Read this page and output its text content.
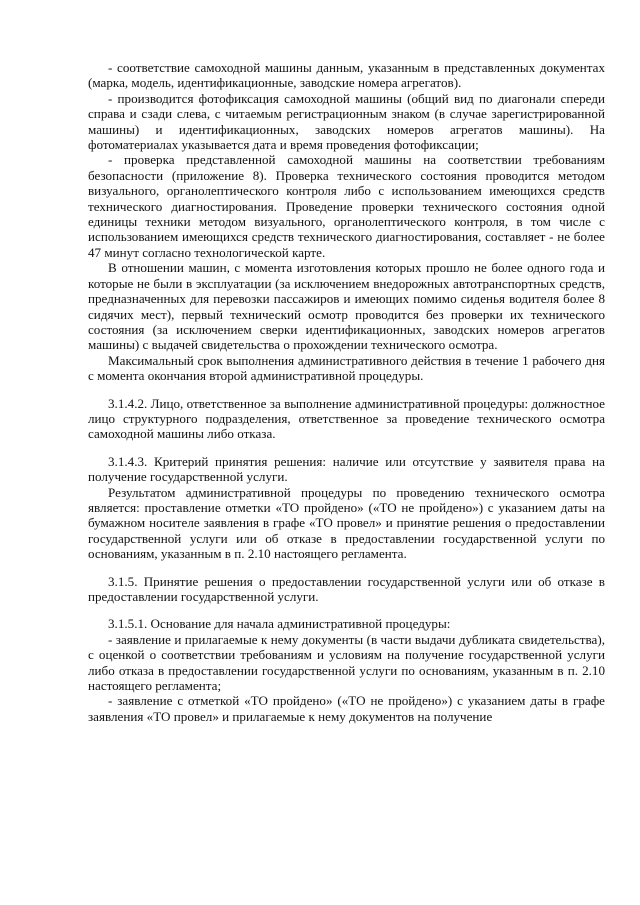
- соответствие самоходной машины данным, указанным в представленных документах (марка, модель, идентификационные, заводские номера агрегатов).

- производится фотофиксация самоходной машины (общий вид по диагонали спереди справа и сзади слева, с читаемым регистрационным знаком (в случае зарегистрированной машины) и идентификационных, заводских номеров агрегатов машины). На фотоматериалах указывается дата и время проведения фотофиксации;

- проверка представленной самоходной машины на соответствии требованиям безопасности (приложение 8). Проверка технического состояния проводится методом визуального, органолептического контроля либо с использованием имеющихся средств технического диагностирования. Проведение проверки технического состояния одной единицы техники методом визуального, органолептического контроля, в том числе с использованием имеющихся средств технического диагностирования, составляет - не более 47 минут согласно технологической карте.

В отношении машин, с момента изготовления которых прошло не более одного года и которые не были в эксплуатации (за исключением внедорожных автотранспортных средств, предназначенных для перевозки пассажиров и имеющих помимо сиденья водителя более 8 сидячих мест), первый технический осмотр проводится без проверки их технического состояния (за исключением сверки идентификационных, заводских номеров агрегатов машины) с выдачей свидетельства о прохождении технического осмотра.

Максимальный срок выполнения административного действия в течение 1 рабочего дня с момента окончания второй административной процедуры.

3.1.4.2. Лицо, ответственное за выполнение административной процедуры: должностное лицо структурного подразделения, ответственное за проведение технического осмотра самоходной машины либо отказа.

3.1.4.3. Критерий принятия решения: наличие или отсутствие у заявителя права на получение государственной услуги.

Результатом административной процедуры по проведению технического осмотра является: проставление отметки «ТО пройдено» («ТО не пройдено») с указанием даты на бумажном носителе заявления в графе «ТО провел» и принятие решения о предоставлении государственной услуги или об отказе в предоставлении государственной услуги по основаниям, указанным в п. 2.10 настоящего регламента.

3.1.5. Принятие решения о предоставлении государственной услуги или об отказе в предоставлении государственной услуги.

3.1.5.1. Основание для начала административной процедуры:

- заявление и прилагаемые к нему документы (в части выдачи дубликата свидетельства), с оценкой о соответствии требованиям и условиям на получение государственной услуги либо отказа в предоставлении государственной услуги по основаниям, указанным в п. 2.10 настоящего регламента;

- заявление с отметкой «ТО пройдено» («ТО не пройдено») с указанием даты в графе заявления «ТО провел» и прилагаемые к нему документов на получение
